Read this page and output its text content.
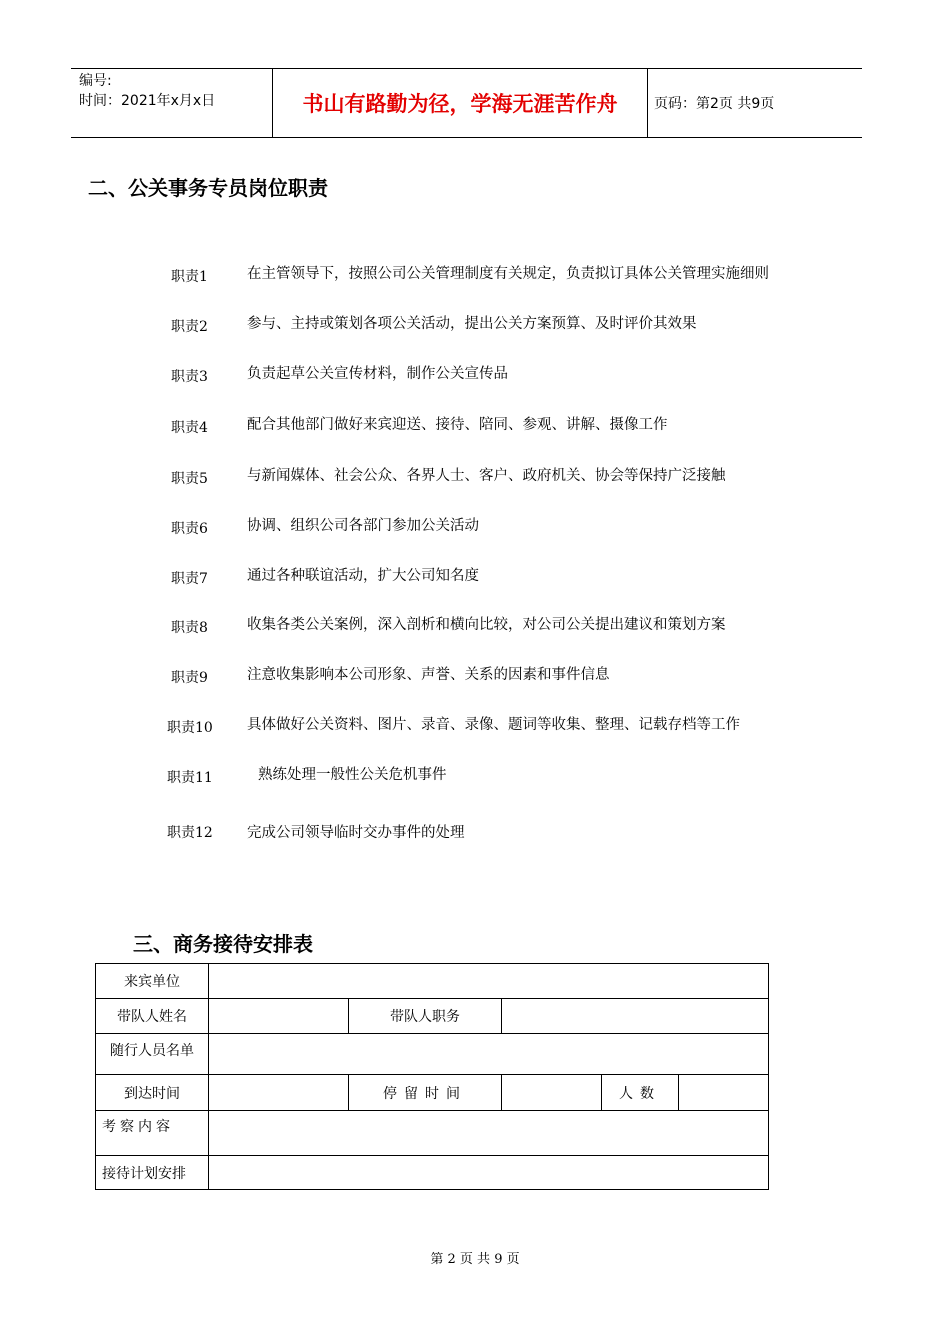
编号:
时间：2021年x月x日	书山有路勤为径，学海无涯苦作舟	页码：第2页 共9页
二、公关事务专员岗位职责
职责1	在主管领导下，按照公司公关管理制度有关规定，负责拟订具体公关管理实施细则
职责2	参与、主持或策划各项公关活动，提出公关方案预算、及时评价其效果
职责3	负责起草公关宣传材料，制作公关宣传品
职责4	配合其他部门做好来宾迎送、接待、陪同、参观、讲解、摄像工作
职责5	与新闻媒体、社会公众、各界人士、客户、政府机关、协会等保持广泛接触
职责6	协调、组织公司各部门参加公关活动
职责7	通过各种联谊活动，扩大公司知名度
职责8	收集各类公关案例，深入剖析和横向比较，对公司公关提出建议和策划方案
职责9	注意收集影响本公司形象、声誉、关系的因素和事件信息
职责10 具体做好公关资料、图片、录音、录像、题词等收集、整理、记载存档等工作
职责11	熟练处理一般性公关危机事件
职责12 完成公司领导临时交办事件的处理
三、商务接待安排表
来宾单位					
带队人姓名		带队人职务			
随行人员名单					
到达时间		停留时间		人数	
考察内容					
接待计划安排					
第 2 页 共 9 页
